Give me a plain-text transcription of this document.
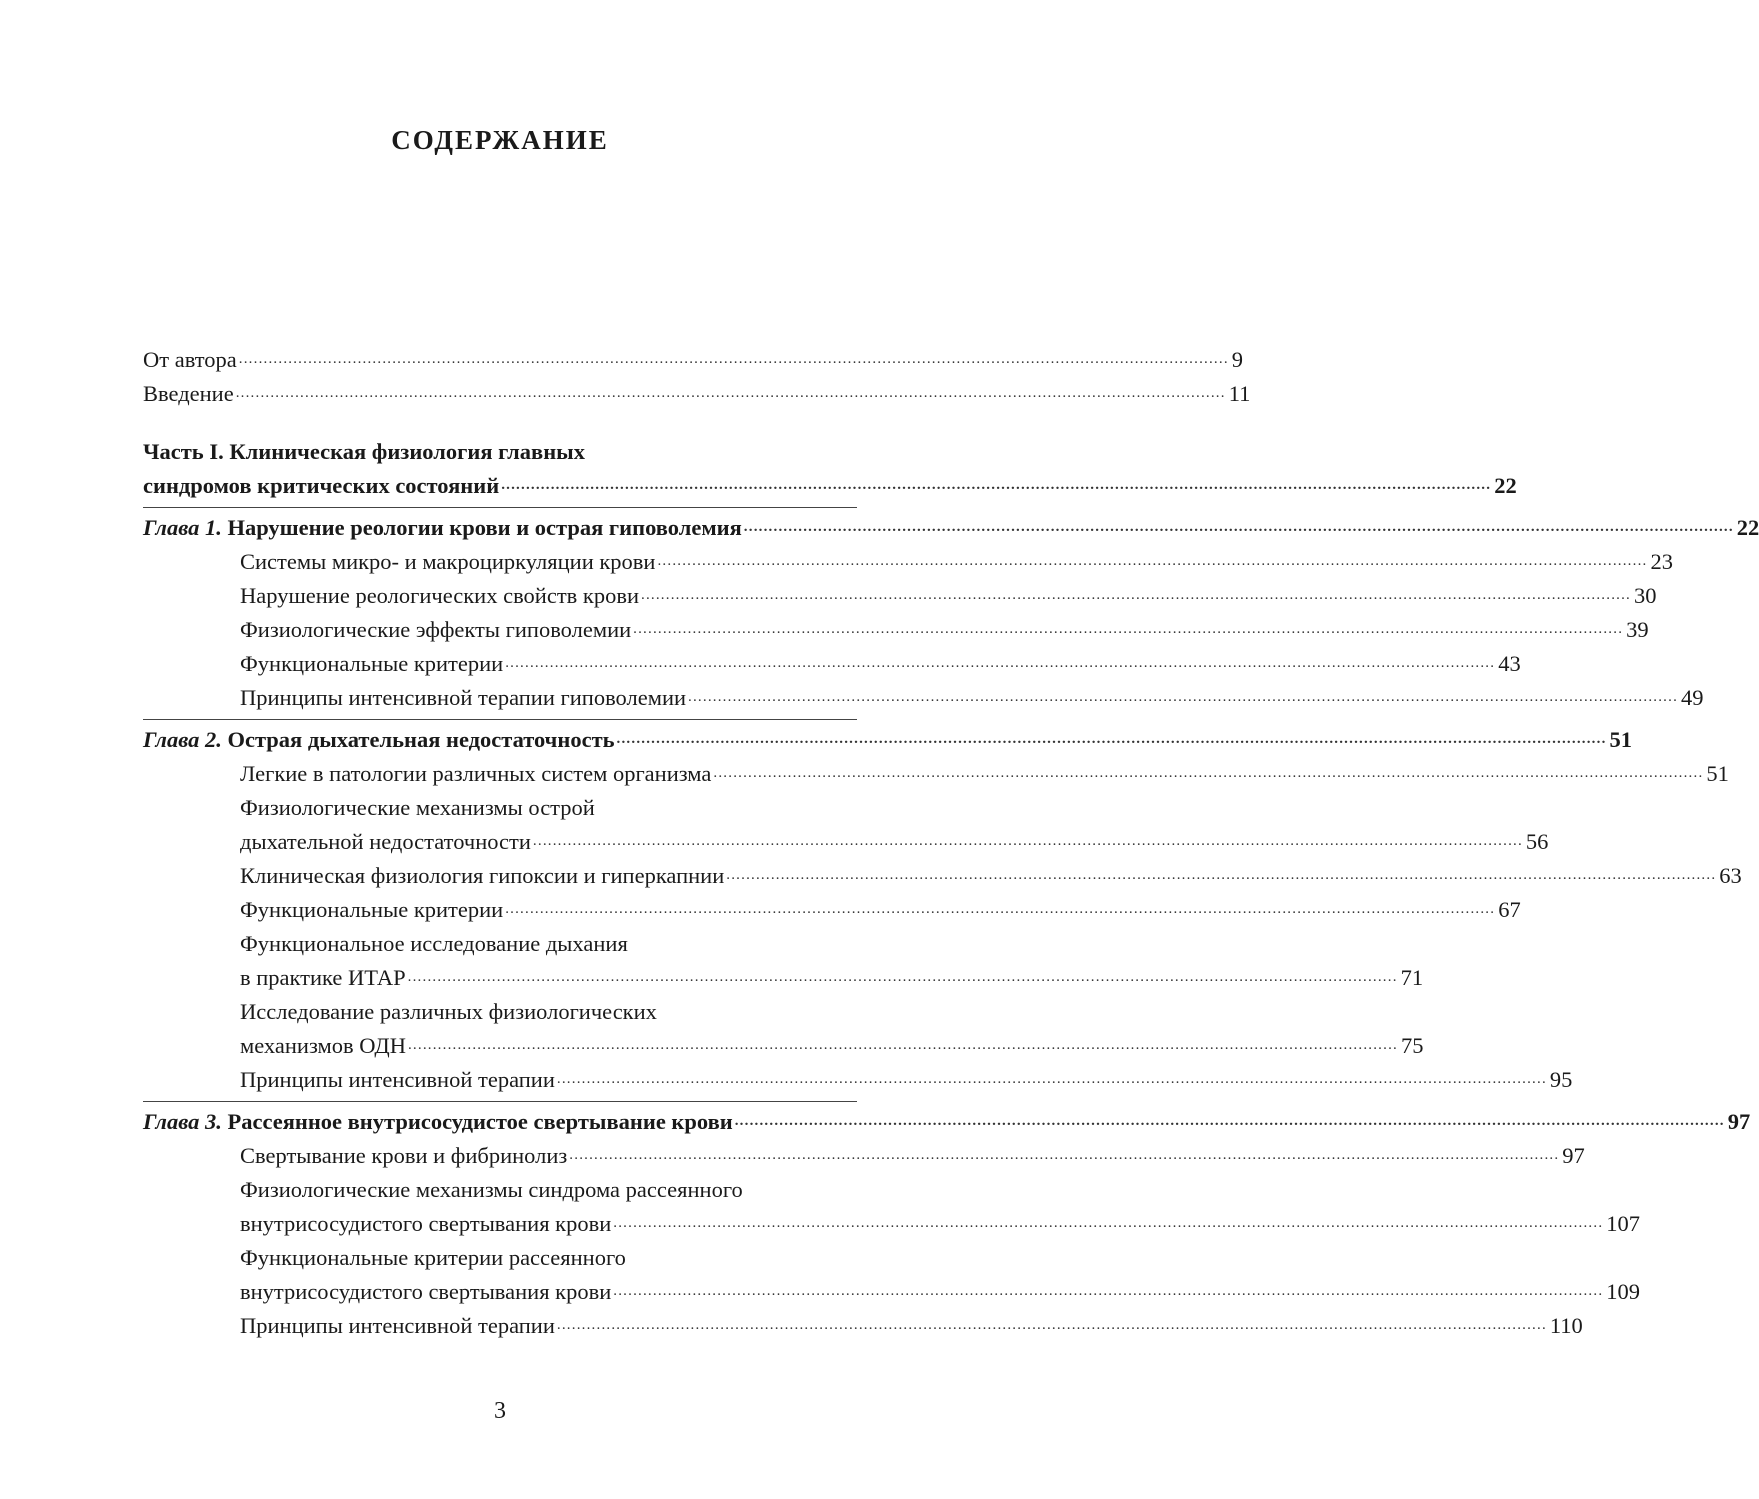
СОДЕРЖАНИЕ
От автора ........................................................................................................................................................................................................ 9
Введение ........................................................................................................................................................................................................ 11
Часть I. Клиническая физиология главных
синдромов критических состояний ........................................................................................................................................................................................................ 22
Глава 1. Нарушение реологии крови и острая гиповолемия ........................................................................................................................................................................................................ 22
Системы микро- и макроциркуляции крови ........................................................................................................................................................................................................ 23
Нарушение реологических свойств крови ........................................................................................................................................................................................................ 30
Физиологические эффекты гиповолемии ........................................................................................................................................................................................................ 39
Функциональные критерии ........................................................................................................................................................................................................ 43
Принципы интенсивной терапии гиповолемии ........................................................................................................................................................................................................ 49
Глава 2. Острая дыхательная недостаточность ........................................................................................................................................................................................................ 51
Легкие в патологии различных систем организма ........................................................................................................................................................................................................ 51
Физиологические механизмы острой
дыхательной недостаточности ........................................................................................................................................................................................................ 56
Клиническая физиология гипоксии и гиперкапнии ........................................................................................................................................................................................................ 63
Функциональные критерии ........................................................................................................................................................................................................ 67
Функциональное исследование дыхания
в практике ИТАР ........................................................................................................................................................................................................ 71
Исследование различных физиологических
механизмов ОДН ........................................................................................................................................................................................................ 75
Принципы интенсивной терапии ........................................................................................................................................................................................................ 95
Глава 3. Рассеянное внутрисосудистое свертывание крови ........................................................................................................................................................................................................ 97
Свертывание крови и фибринолиз ........................................................................................................................................................................................................ 97
Физиологические механизмы синдрома рассеянного
внутрисосудистого свертывания крови ........................................................................................................................................................................................................ 107
Функциональные критерии рассеянного
внутрисосудистого свертывания крови ........................................................................................................................................................................................................ 109
Принципы интенсивной терапии ........................................................................................................................................................................................................ 110
3
